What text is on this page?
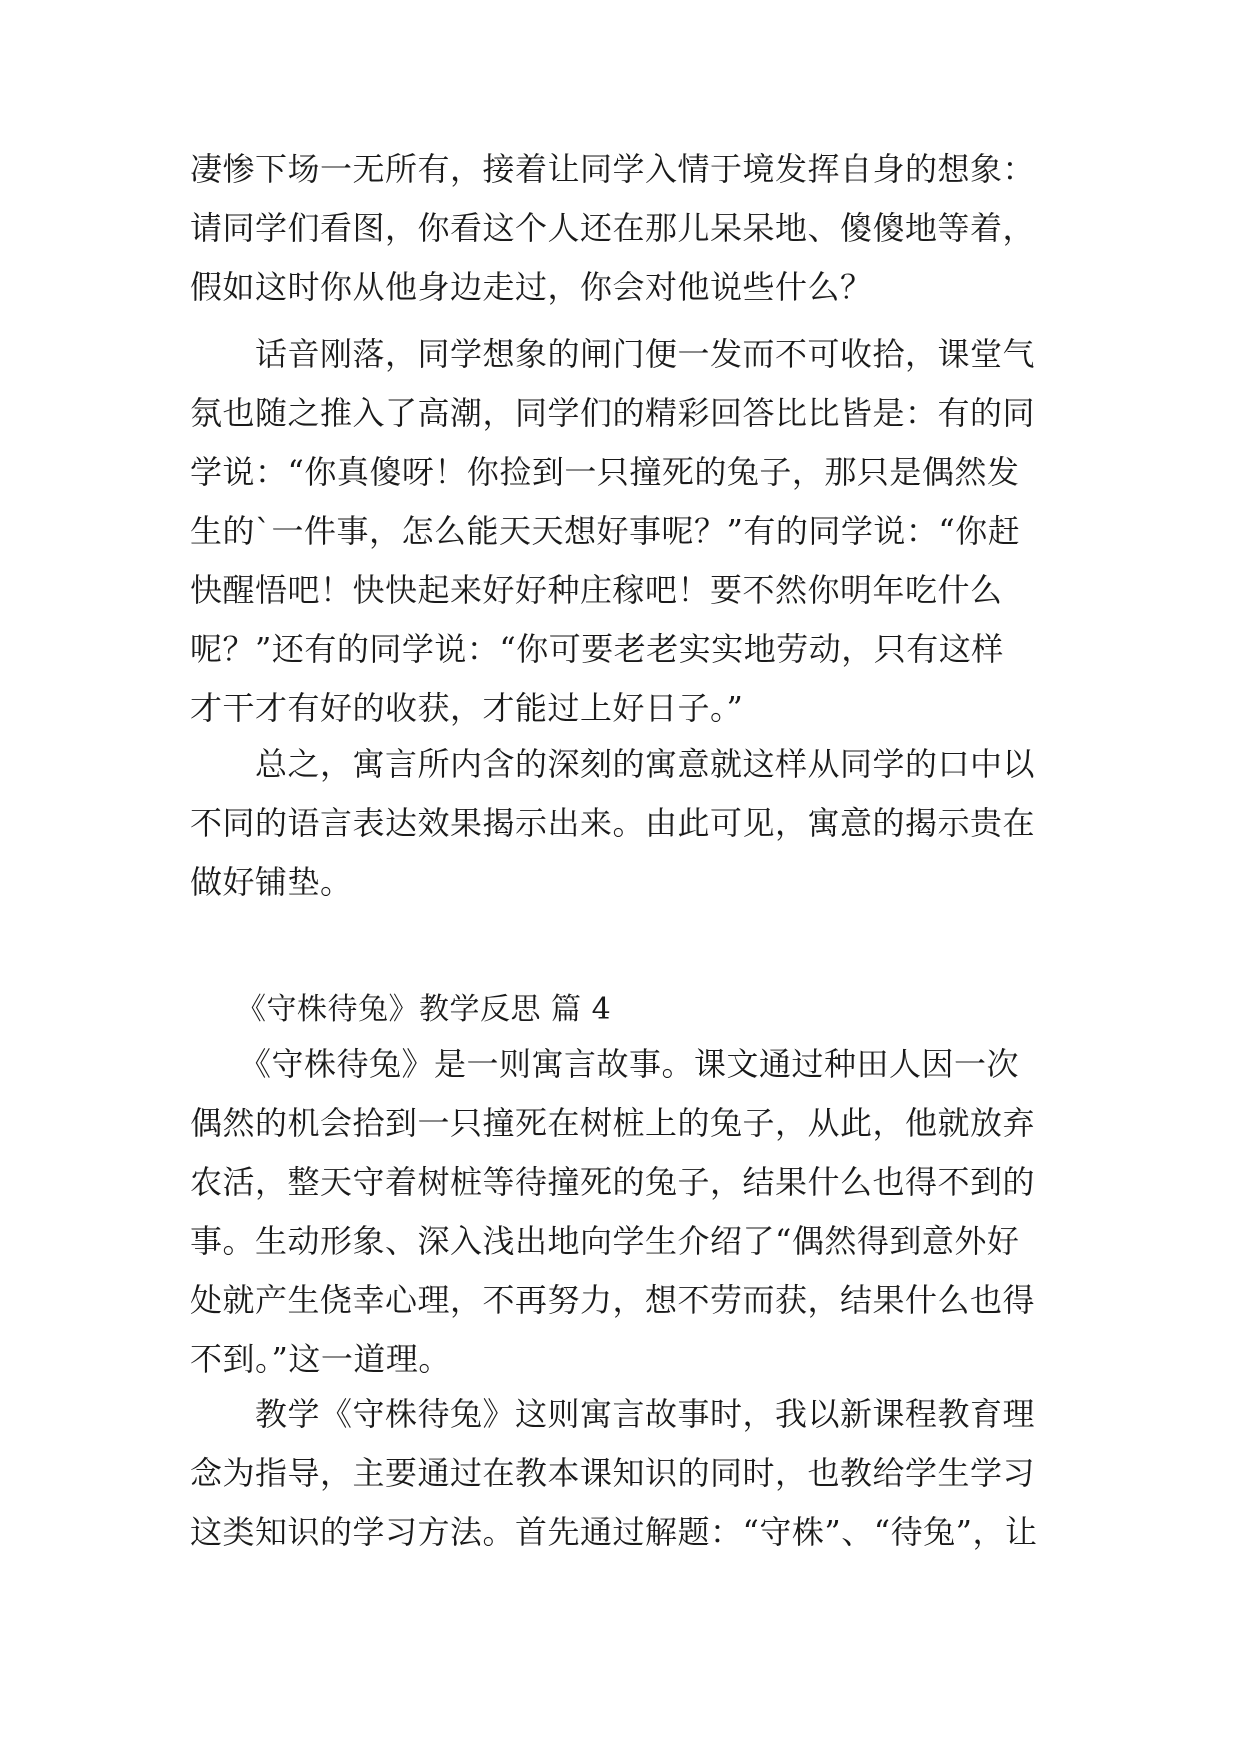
凄惨下场一无所有，接着让同学入情于境发挥自身的想象：
请同学们看图，你看这个人还在那儿呆呆地、傻傻地等着，
假如这时你从他身边走过，你会对他说些什么？
　　话音刚落，同学想象的闸门便一发而不可收拾，课堂气
氛也随之推入了高潮，同学们的精彩回答比比皆是：有的同
学说：“你真傻呀！你捡到一只撞死的兔子，那只是偶然发
生的`一件事，怎么能天天想好事呢？”有的同学说：“你赶
快醒悟吧！快快起来好好种庄稼吧！要不然你明年吃什么
呢？”还有的同学说：“你可要老老实实地劳动，只有这样
才干才有好的收获，才能过上好日子。”
　　总之，寓言所内含的深刻的寓意就这样从同学的口中以
不同的语言表达效果揭示出来。由此可见，寓意的揭示贵在
做好铺垫。
　　《守株待兔》教学反思 篇 4
　　《守株待兔》是一则寓言故事。课文通过种田人因一次
偶然的机会拾到一只撞死在树桩上的兔子，从此，他就放弃
农活，整天守着树桩等待撞死的兔子，结果什么也得不到的
事。生动形象、深入浅出地向学生介绍了“偶然得到意外好
处就产生侥幸心理，不再努力，想不劳而获，结果什么也得
不到。”这一道理。
　　教学《守株待兔》这则寓言故事时，我以新课程教育理
念为指导，主要通过在教本课知识的同时，也教给学生学习
这类知识的学习方法。首先通过解题：“守株”、“待兔”，让
